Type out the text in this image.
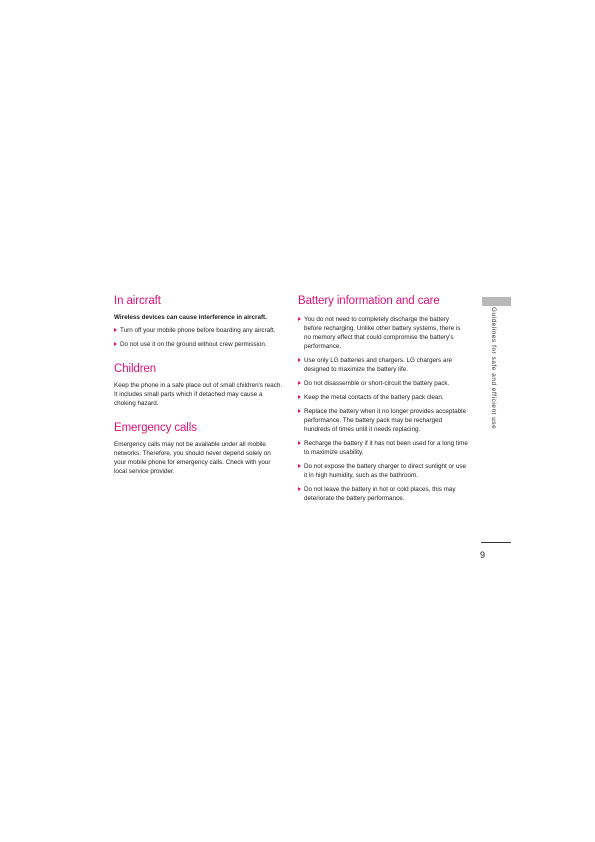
In aircraft

Wireless devices can cause interference in aircraft.

Turn off your mobile phone before boarding any aircraft.
Do not use it on the ground without crew permission.
Children

Keep the phone in a safe place out of small children's reach. It includes small parts which if detached may cause a choking hazard.

Emergency calls

Emergency calls may not be available under all mobile networks. Therefore, you should never depend solely on your mobile phone for emergency calls. Check with your local service provider.

Battery information and care
You do not need to completely discharge the battery before recharging. Unlike other battery systems, there is no memory effect that could compromise the battery's performance.
Use only LG batteries and chargers. LG chargers are designed to maximize the battery life.
Do not disassemble or short-circuit the battery pack.
Keep the metal contacts of the battery pack clean.
Replace the battery when it no longer provides acceptable performance. The battery pack may be recharged hundreds of times until it needs replacing.
Recharge the battery if it has not been used for a long time to maximize usability.
Do not expose the battery charger to direct sunlight or use it in high humidity, such as the bathroom.
Do not leave the battery in hot or cold places, this may deteriorate the battery performance.
Guidelines for safe and efficient use
9
